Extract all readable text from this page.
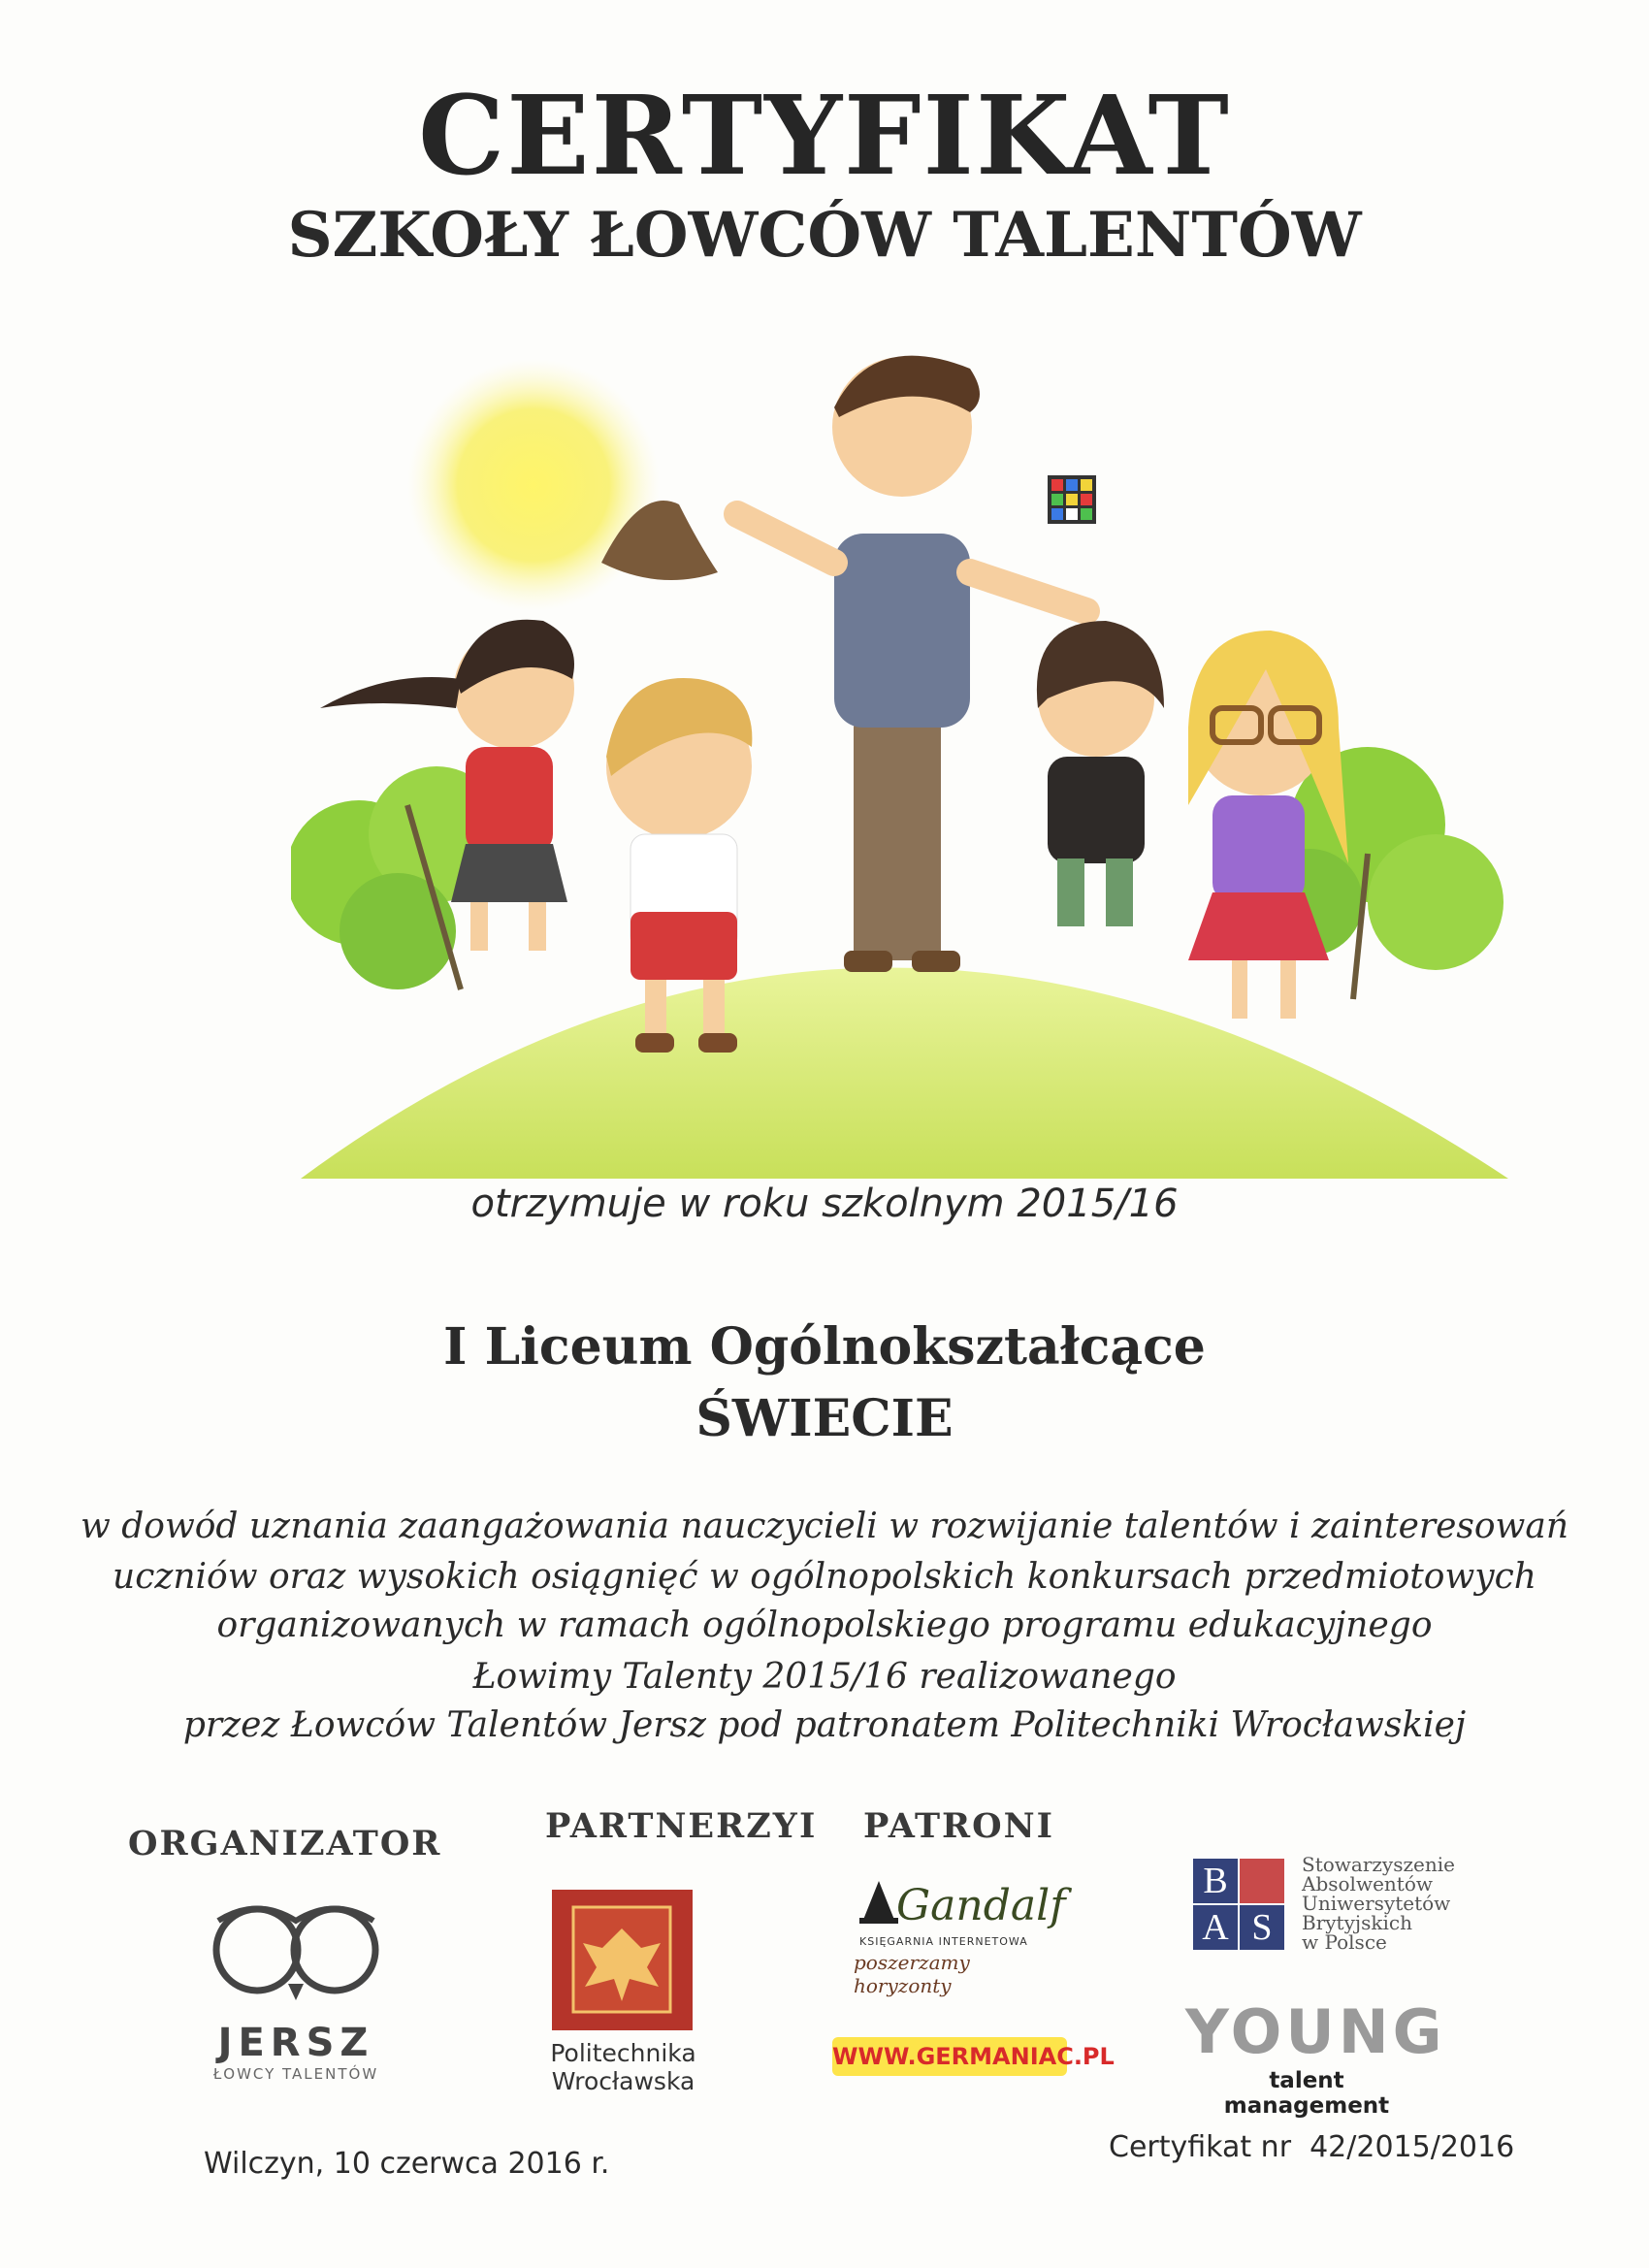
CERTYFIKAT
SZKOŁY ŁOWCÓW TALENTÓW
otrzymuje w roku szkolnym 2015/16
I Liceum Ogólnokształcące
ŚWIECIE
w dowód uznania zaangażowania nauczycieli w rozwijanie talentów i zainteresowań
uczniów oraz wysokich osiągnięć w ogólnopolskich konkursach przedmiotowych
organizowanych w ramach ogólnopolskiego programu edukacyjnego
Łowimy Talenty 2015/16 realizowanego
przez Łowców Talentów Jersz pod patronatem Politechniki Wrocławskiej
ORGANIZATOR
JERSZ
ŁOWCY TALENTÓW
PARTNERZY I PATRONI
Politechnika
Wrocławska
Gandalf
KSIĘGARNIA INTERNETOWA
poszerzamy horyzonty
WWW.GERMANIAC.PL
B
A S
Stowarzyszenie
Absolwentów
Uniwersytetów
Brytyjskich
w Polsce
YOUNG
talent management
Wilczyn, 10 czerwca 2016 r.	Certyfikat nr  42/2015/2016
